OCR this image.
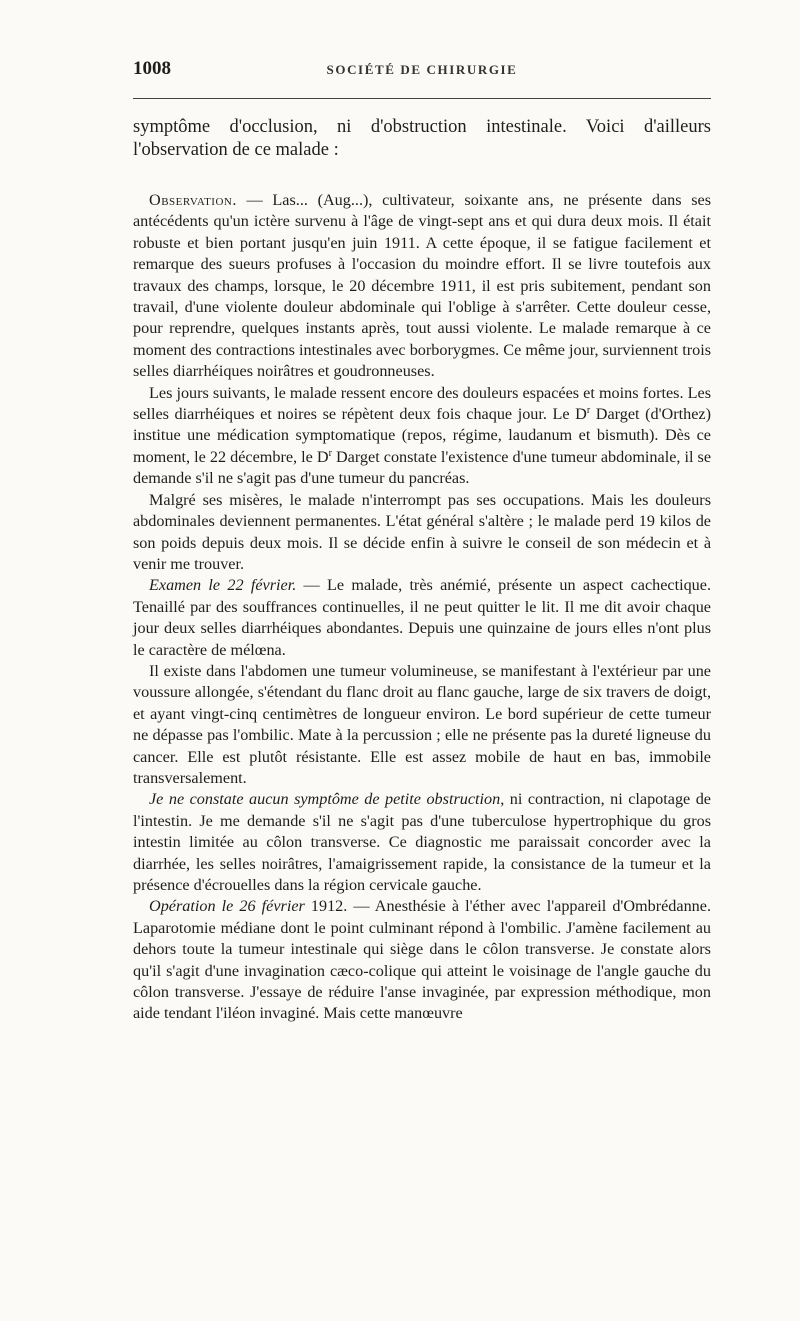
1008	SOCIÉTÉ DE CHIRURGIE
symptôme d'occlusion, ni d'obstruction intestinale. Voici d'ailleurs l'observation de ce malade :

Observation. — Las... (Aug...), cultivateur, soixante ans, ne présente dans ses antécédents qu'un ictère survenu à l'âge de vingt-sept ans et qui dura deux mois. Il était robuste et bien portant jusqu'en juin 1911. A cette époque, il se fatigue facilement et remarque des sueurs profuses à l'occasion du moindre effort. Il se livre toutefois aux travaux des champs, lorsque, le 20 décembre 1911, il est pris subitement, pendant son travail, d'une violente douleur abdominale qui l'oblige à s'arrêter. Cette douleur cesse, pour reprendre, quelques instants après, tout aussi violente. Le malade remarque à ce moment des contractions intestinales avec borborygmes. Ce même jour, surviennent trois selles diarrhéiques noirâtres et goudronneuses.

Les jours suivants, le malade ressent encore des douleurs espacées et moins fortes. Les selles diarrhéiques et noires se répètent deux fois chaque jour. Le $D^r$ Darget (d'Orthez) institue une médication symptomatique (repos, régime, laudanum et bismuth). Dès ce moment, le 22 décembre, le $D^r$ Darget constate l'existence d'une tumeur abdominale, il se demande s'il ne s'agit pas d'une tumeur du pancréas.

Malgré ses misères, le malade n'interrompt pas ses occupations. Mais les douleurs abdominales deviennent permanentes. L'état général s'altère ; le malade perd 19 kilos de son poids depuis deux mois. Il se décide enfin à suivre le conseil de son médecin et à venir me trouver.

Examen le 22 février. — Le malade, très anémié, présente un aspect cachectique. Tenaillé par des souffrances continuelles, il ne peut quitter le lit. Il me dit avoir chaque jour deux selles diarrhéiques abondantes. Depuis une quinzaine de jours elles n'ont plus le caractère de mélœna.

Il existe dans l'abdomen une tumeur volumineuse, se manifestant à l'extérieur par une voussure allongée, s'étendant du flanc droit au flanc gauche, large de six travers de doigt, et ayant vingt-cinq centimètres de longueur environ. Le bord supérieur de cette tumeur ne dépasse pas l'ombilic. Mate à la percussion ; elle ne présente pas la dureté ligneuse du cancer. Elle est plutôt résistante. Elle est assez mobile de haut en bas, immobile transversalement.

Je ne constate aucun symptôme de petite obstruction, ni contraction, ni clapotage de l'intestin. Je me demande s'il ne s'agit pas d'une tuberculose hypertrophique du gros intestin limitée au côlon transverse. Ce diagnostic me paraissait concorder avec la diarrhée, les selles noirâtres, l'amaigrissement rapide, la consistance de la tumeur et la présence d'écrouelles dans la région cervicale gauche.

Opération le 26 février 1912. — Anesthésie à l'éther avec l'appareil d'Ombrédanne. Laparotomie médiane dont le point culminant répond à l'ombilic. J'amène facilement au dehors toute la tumeur intestinale qui siège dans le côlon transverse. Je constate alors qu'il s'agit d'une invagination cæco-colique qui atteint le voisinage de l'angle gauche du côlon transverse. J'essaye de réduire l'anse invaginée, par expression méthodique, mon aide tendant l'iléon invaginé. Mais cette manœuvre
